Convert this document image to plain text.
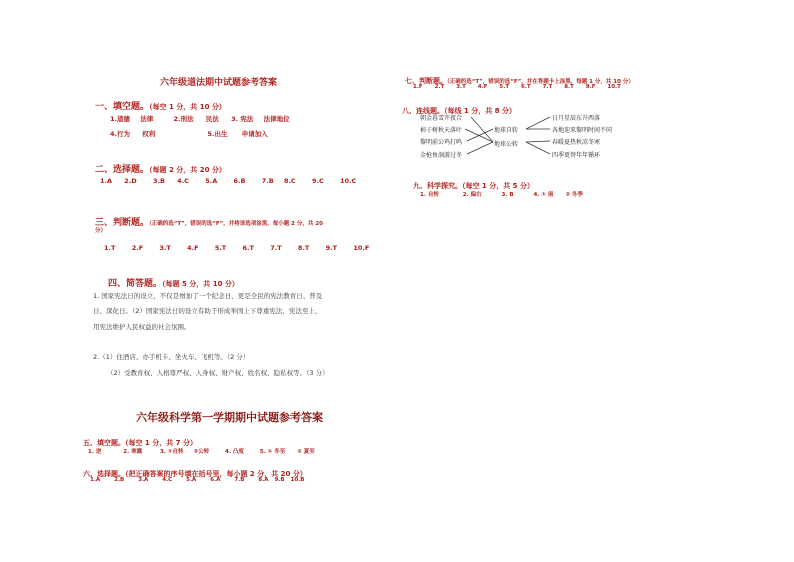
六年级道法期中试题参考答案
一、填空题。（每空 1 分，共 10 分）
1.道德 法律	2.刑法 民法 3. 宪法 法律地位
4.行为 权利	5.出生 申请加入
二、选择题。（每题 2 分，共 20 分）
1.A 2.D	3.B 4.C	5.A	6.B	7.B 8.C	9.C	10.C
三、判断题。（正确的选“T”，错误的选“F”，并将该选项涂黑，每小题 2 分，共 20
分）
1.T	2.F	3.T	4.F	5.T	6.T	7.T	8.T	9.T	10.F
四、简答题。（每题 5 分，共 10 分）
1. 国家宪法日的设立，不仅是增加了一个纪念日，更是全民的宪法教育日、普及
日、深化日。（2）国家宪法日的设立有助于形成举国上下尊重宪法、宪法至上、
用宪法维护人民权益的社会氛围。
2.（1）住酒店、办手机卡、坐火车、飞机等。（2 分）
（2）受教育权、人格尊严权、人身权、财产权、姓名权、隐私权等。（3 分）
六年级科学第一学期期中试题参考答案
五、填空题。（每空 1 分，共 7 分）
1. 逆	2. 寒露	3. ①自转 ②公转	4. 凸度	5. ① 冬至 ② 夏至
六、选择题。（把正确答案的序号填在括号里，每小题 2 分，共 20 分）
1.A	2.B	3.A	4.C	5.A	6.A	7.B	8.A 9.B 10.B
七、判断题。（正确的选“T”，错误的选“F”，并在答题卡上涂黑，每题 1 分，共 10 分）
1.F 2.T 3.T 4.F 5.T 6.T 7.T 8.T 9.F 10.T
八、连线题。（每线 1 分，共 8 分）
朝金暮雪开夜合
柿子树秋天落叶
黎明前公鸡打鸣
金枪鱼洄游过冬
地球自转
地球公转
日月星辰东升西落
各地迎来黎明时间不同
春暖夏热秋凉冬寒
四季更替年年循环
九、科学探究。（每空 1 分，共 5 分）
1. 自转	2. 偏右	3. B	4. ① 南 ② 冬季
